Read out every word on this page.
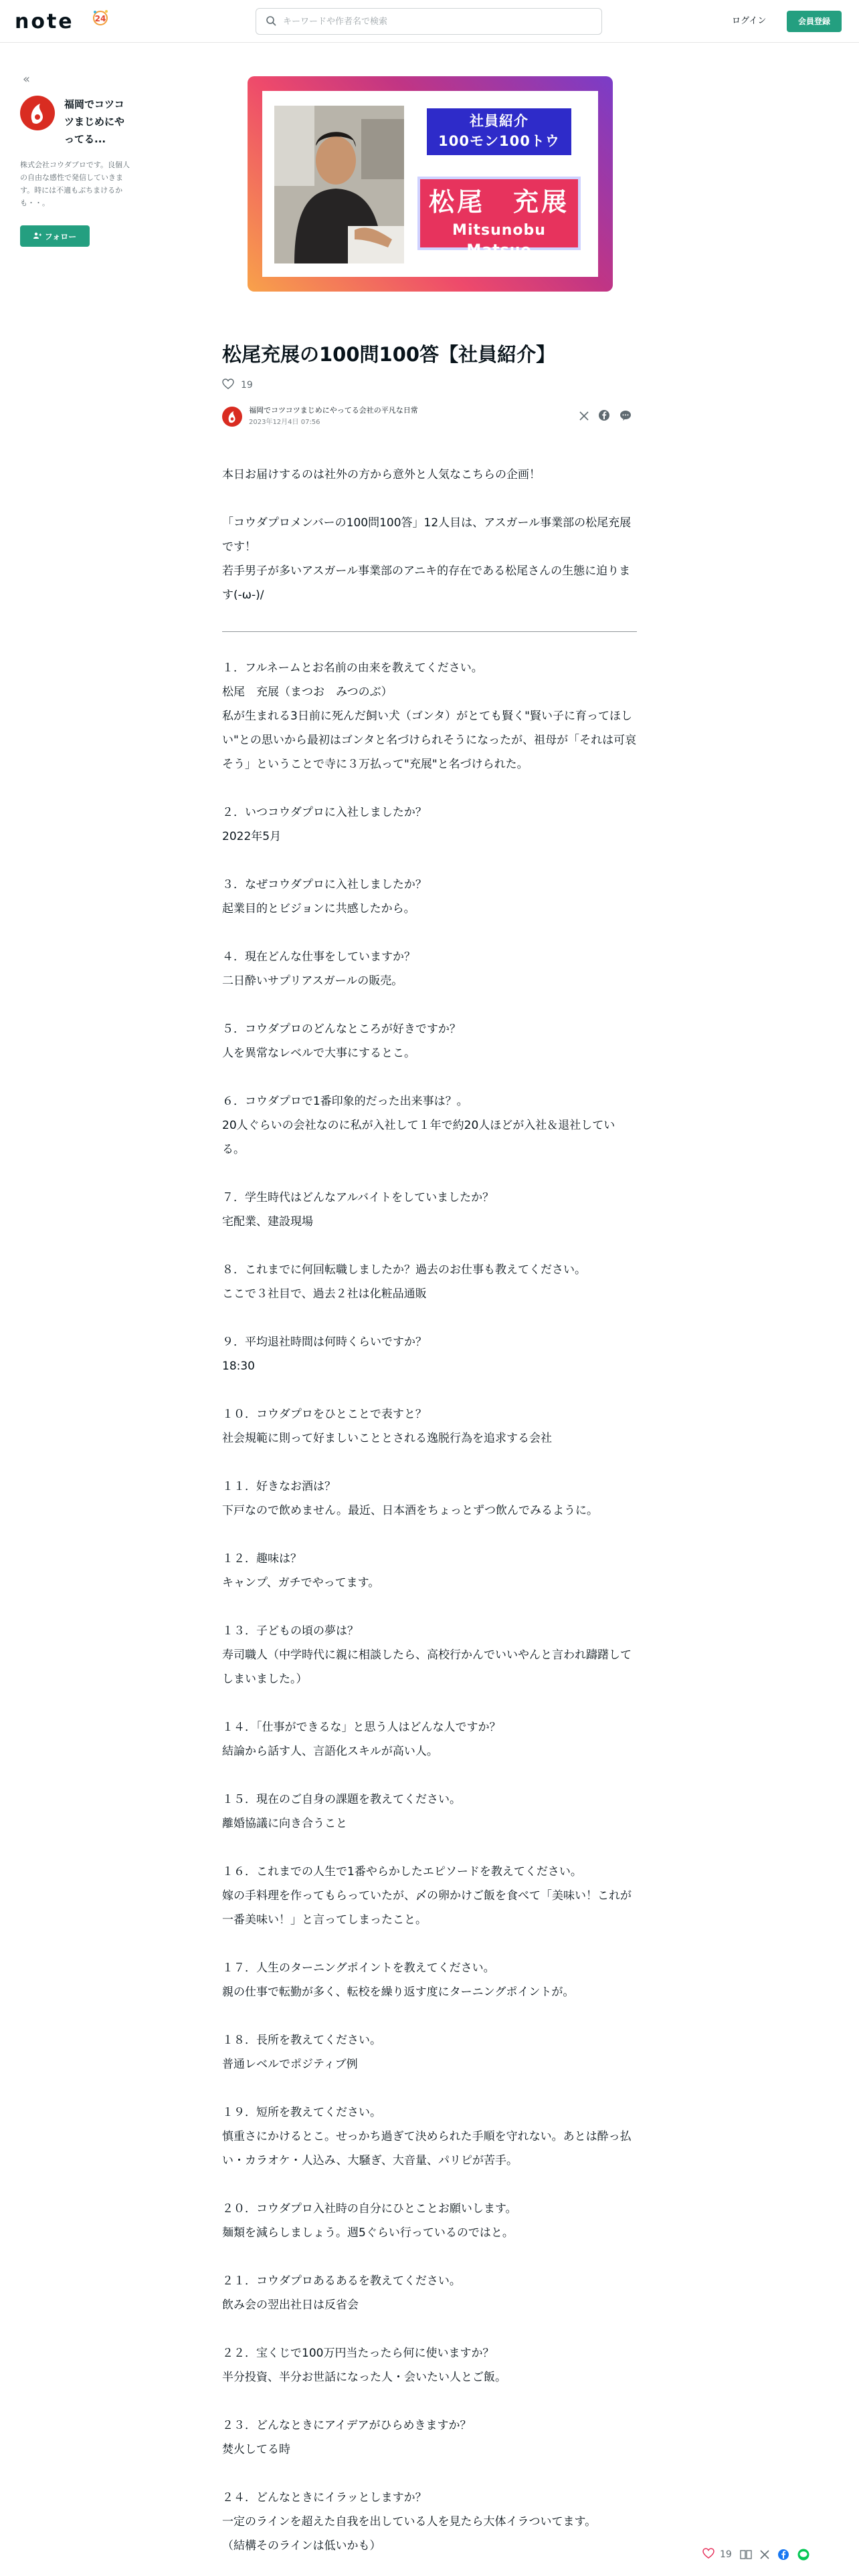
note	24
キーワードや作者名で検索	ログイン	会員登録
«
福岡でコツコツまじめにやってる...
株式会社コウダプロです。良個人の自由な感性で発信していきます。時には不適もぶちまけるかも・・。
フォロー
社員紹介
100モン100トウ
松尾　充展
Mitsunobu Matsuo
松尾充展の100問100答【社員紹介】
19
福岡でコツコツまじめにやってる会社の平凡な日常
2023年12月4日 07:56

本日お届けするのは社外の方から意外と人気なこちらの企画！

「コウダプロメンバーの100問100答」12人目は、アスガール事業部の松尾充展です！
若手男子が多いアスガール事業部のアニキ的存在である松尾さんの生態に迫ります(-ω-)/

１．フルネームとお名前の由来を教えてください。
松尾　充展（まつお　みつのぶ）
私が生まれる3日前に死んだ飼い犬（ゴンタ）がとても賢く"賢い子に育ってほしい"との思いから最初はゴンタと名づけられそうになったが、祖母が「それは可哀そう」ということで寺に３万払って"充展"と名づけられた。
２．いつコウダプロに入社しましたか？
2022年5月
３．なぜコウダプロに入社しましたか？
起業目的とビジョンに共感したから。
４．現在どんな仕事をしていますか？
二日酔いサプリアスガールの販売。
５．コウダプロのどんなところが好きですか？
人を異常なレベルで大事にするとこ。
６．コウダプロで1番印象的だった出来事は？。
20人ぐらいの会社なのに私が入社して１年で約20人ほどが入社＆退社している。
７．学生時代はどんなアルバイトをしていましたか？
宅配業、建設現場
８．これまでに何回転職しましたか？過去のお仕事も教えてください。
ここで３社目で、過去２社は化粧品通販
９．平均退社時間は何時くらいですか？
18:30
１０．コウダプロをひとことで表すと？
社会規範に則って好ましいこととされる逸脱行為を追求する会社
１１．好きなお酒は？
下戸なので飲めません。最近、日本酒をちょっとずつ飲んでみるように。
１２．趣味は？
キャンプ、ガチでやってます。
１３．子どもの頃の夢は？
寿司職人（中学時代に親に相談したら、高校行かんでいいやんと言われ躊躇してしまいました。）
１４．「仕事ができるな」と思う人はどんな人ですか？
結論から話す人、言語化スキルが高い人。
１５．現在のご自身の課題を教えてください。
離婚協議に向き合うこと
１６．これまでの人生で1番やらかしたエピソードを教えてください。
嫁の手料理を作ってもらっていたが、〆の卵かけご飯を食べて「美味い！これが一番美味い！」と言ってしまったこと。
１７．人生のターニングポイントを教えてください。
親の仕事で転勤が多く、転校を繰り返す度にターニングポイントが。
１８．長所を教えてください。
普通レベルでポジティブ例
１９．短所を教えてください。
慎重さにかけるとこ。せっかち過ぎて決められた手順を守れない。あとは酔っ払い・カラオケ・人込み、大騒ぎ、大音量、パリピが苦手。
２０．コウダプロ入社時の自分にひとことお願いします。
麺類を減らしましょう。週5ぐらい行っているのではと。
２１．コウダプロあるあるを教えてください。
飲み会の翌出社日は反省会
２２．宝くじで100万円当たったら何に使いますか？
半分投資、半分お世話になった人・会いたい人とご飯。
２３．どんなときにアイデアがひらめきますか？
焚火してる時
２４．どんなときにイラッとしますか？
一定のラインを超えた自我を出している人を見たら大体イラついてます。
（結構そのラインは低いかも）
19
